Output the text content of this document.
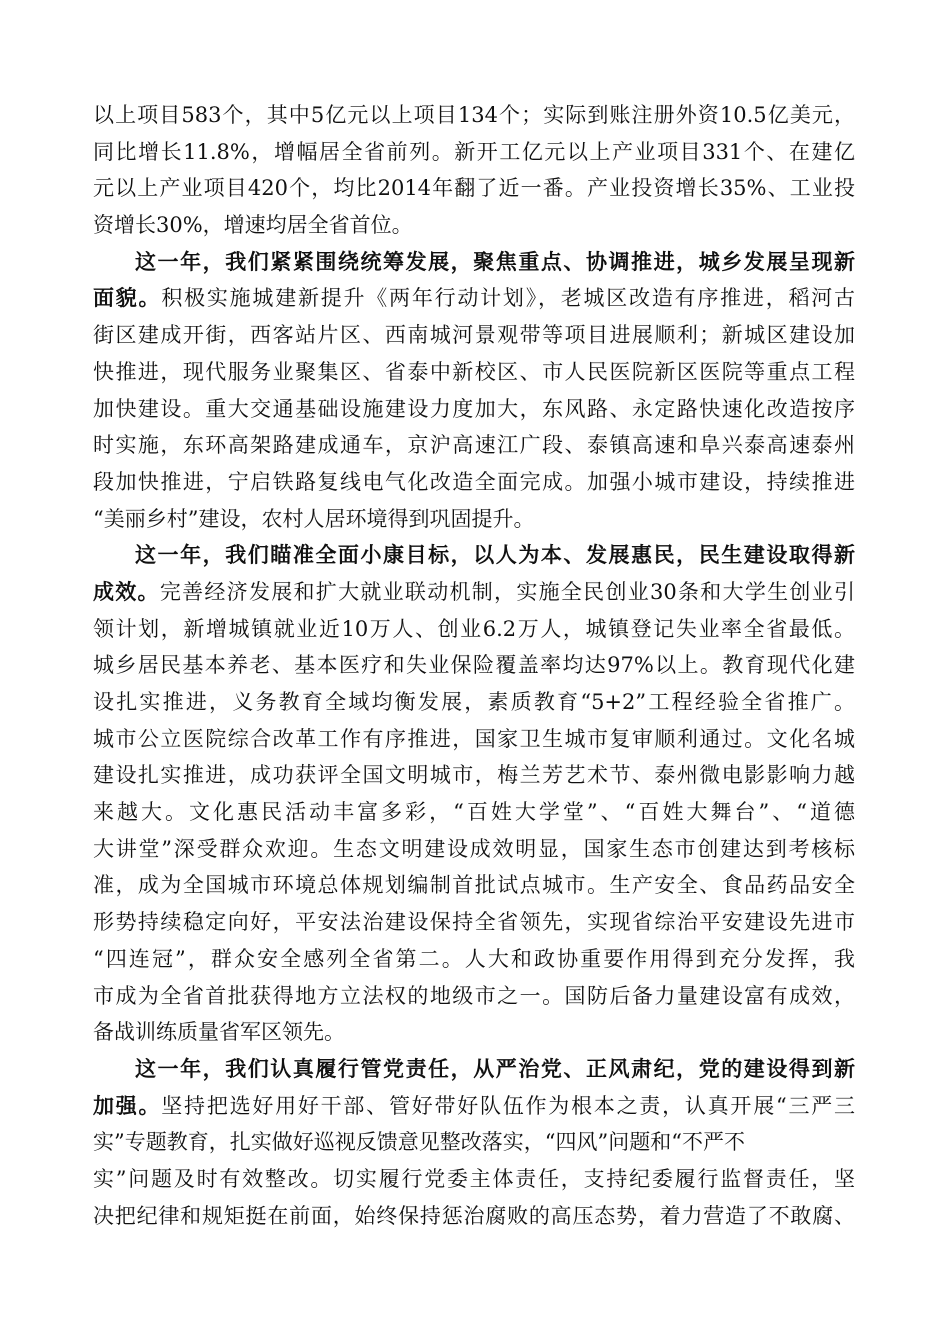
以上项目583个，其中5亿元以上项目134个；实际到账注册外资10.5亿美元，
同比增长11.8%，增幅居全省前列。新开工亿元以上产业项目331个、在建亿
元以上产业项目420个，均比2014年翻了近一番。产业投资增长35%、工业投
资增长30%，增速均居全省首位。
这一年，我们紧紧围绕统筹发展，聚焦重点、协调推进，城乡发展呈现新
面貌。积极实施城建新提升《两年行动计划》，老城区改造有序推进，稻河古
街区建成开街，西客站片区、西南城河景观带等项目进展顺利；新城区建设加
快推进，现代服务业聚集区、省泰中新校区、市人民医院新区医院等重点工程
加快建设。重大交通基础设施建设力度加大，东风路、永定路快速化改造按序
时实施，东环高架路建成通车，京沪高速江广段、泰镇高速和阜兴泰高速泰州
段加快推进，宁启铁路复线电气化改造全面完成。加强小城市建设，持续推进
“美丽乡村”建设，农村人居环境得到巩固提升。
这一年，我们瞄准全面小康目标，以人为本、发展惠民，民生建设取得新
成效。完善经济发展和扩大就业联动机制，实施全民创业30条和大学生创业引
领计划，新增城镇就业近10万人、创业6.2万人，城镇登记失业率全省最低。
城乡居民基本养老、基本医疗和失业保险覆盖率均达97%以上。教育现代化建
设扎实推进，义务教育全域均衡发展，素质教育“5+2”工程经验全省推广。
城市公立医院综合改革工作有序推进，国家卫生城市复审顺利通过。文化名城
建设扎实推进，成功获评全国文明城市，梅兰芳艺术节、泰州微电影影响力越
来越大。文化惠民活动丰富多彩，“百姓大学堂”、“百姓大舞台”、“道德
大讲堂”深受群众欢迎。生态文明建设成效明显，国家生态市创建达到考核标
准，成为全国城市环境总体规划编制首批试点城市。生产安全、食品药品安全
形势持续稳定向好，平安法治建设保持全省领先，实现省综治平安建设先进市
“四连冠”，群众安全感列全省第二。人大和政协重要作用得到充分发挥，我
市成为全省首批获得地方立法权的地级市之一。国防后备力量建设富有成效，
备战训练质量省军区领先。
这一年，我们认真履行管党责任，从严治党、正风肃纪，党的建设得到新
加强。坚持把选好用好干部、管好带好队伍作为根本之责，认真开展“三严三
实”专题教育，扎实做好巡视反馈意见整改落实，“四风”问题和“不严不
实”问题及时有效整改。切实履行党委主体责任，支持纪委履行监督责任，坚
决把纪律和规矩挺在前面，始终保持惩治腐败的高压态势，着力营造了不敢腐、
